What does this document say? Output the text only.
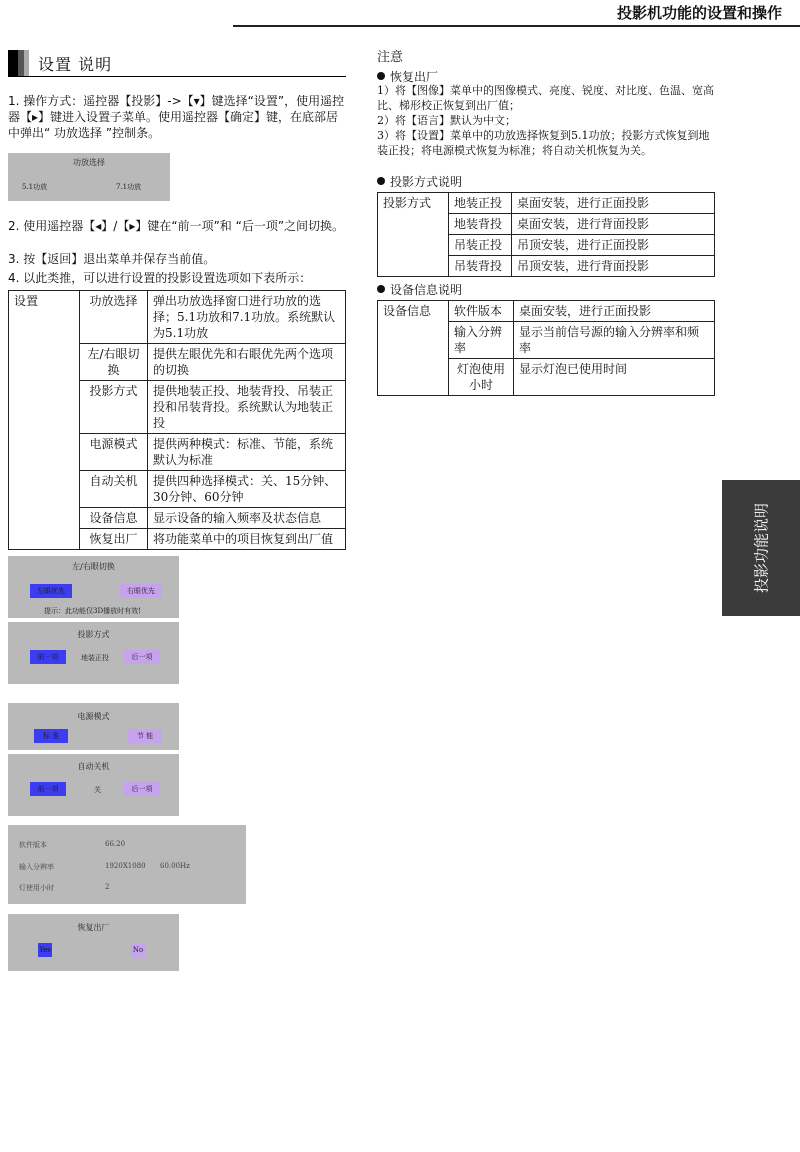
投影机功能的设置和操作
设置 说明
1. 操作方式：遥控器【投影】->【▾】键选择“设置”，使用遥控器【▸】键进入设置子菜单。使用遥控器【确定】键，在底部居中弹出“ 功放选择 ”控制条。
功放选择
5.1功放	7.1功放
2. 使用遥控器【◂】/【▸】键在“前一项”和 “后一项”之间切换。
3. 按【返回】退出菜单并保存当前值。
4. 以此类推，可以进行设置的投影设置选项如下表所示：
设置	功放选择	弹出功放选择窗口进行功放的选择；5.1功放和7.1功放。系统默认为5.1功放
	左/右眼切换	提供左眼优先和右眼优先两个选项的切换
	投影方式	提供地装正投、地装背投、吊装正投和吊装背投。系统默认为地装正投
	电源模式	提供两种模式：标准、节能，系统默认为标准
	自动关机	提供四种选择模式：关、15分钟、30分钟、60分钟
	设备信息	显示设备的输入频率及状态信息
	恢复出厂	将功能菜单中的项目恢复到出厂值
左/右眼切换
左眼优先	右眼优先
提示：此功能仅3D播放时有效!
投影方式
前一项	地装正投	后一项
电源模式
标 准	节 能
自动关机
前一项	关	后一项
软件版本	66.20
输入分辨率	1920X1080 60.00Hz
灯使用小时	2
恢复出厂
Yes	No
注意
恢复出厂
1）将【图像】菜单中的图像模式、亮度、锐度、对比度、色温、宽高比、梯形校正恢复到出厂值；
2）将【语言】默认为中文；
3）将【设置】菜单中的功放选择恢复到5.1功放；投影方式恢复到地装正投；将电源模式恢复为标准；将自动关机恢复为关。
投影方式说明
投影方式	地装正投	桌面安装，进行正面投影
	地装背投	桌面安装，进行背面投影
	吊装正投	吊顶安装，进行正面投影
	吊装背投	吊顶安装，进行背面投影
设备信息说明
设备信息	软件版本	桌面安装，进行正面投影
	输入分辨率	显示当前信号源的输入分辨率和频率
	灯泡使用小时	显示灯泡已使用时间
投影功能说明
